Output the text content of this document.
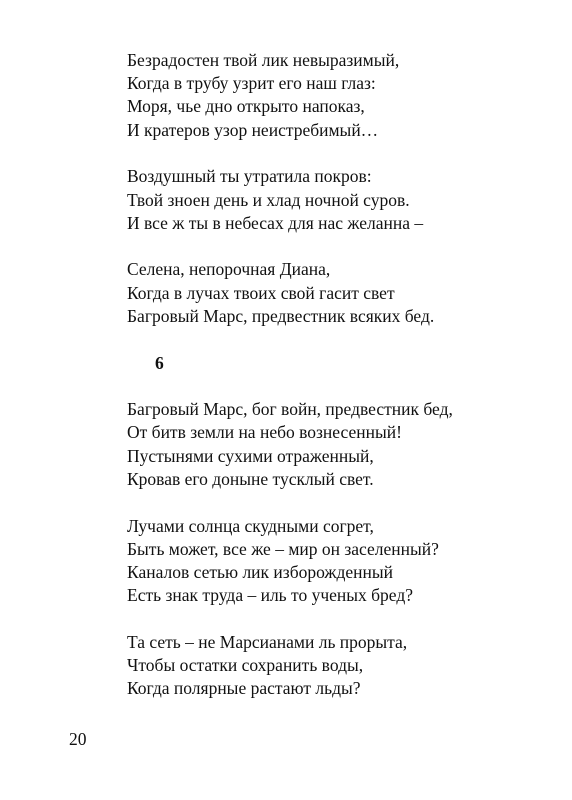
Безрадостен твой лик невыразимый,
Когда в трубу узрит его наш глаз:
Моря, чье дно открыто напоказ,
И кратеров узор неистребимый…
Воздушный ты утратила покров:
Твой зноен день и хлад ночной суров.
И все ж ты в небесах для нас желанна –
Селена, непорочная Диана,
Когда в лучах твоих свой гасит свет
Багровый Марс, предвестник всяких бед.
6
Багровый Марс, бог войн, предвестник бед,
От битв земли на небо вознесенный!
Пустынями сухими отраженный,
Кровав его доныне тусклый свет.
Лучами солнца скудными согрет,
Быть может, все же – мир он заселенный?
Каналов сетью лик изборожденный
Есть знак труда – иль то ученых бред?
Та сеть – не Марсианами ль прорыта,
Чтобы остатки сохранить воды,
Когда полярные растают льды?
20
